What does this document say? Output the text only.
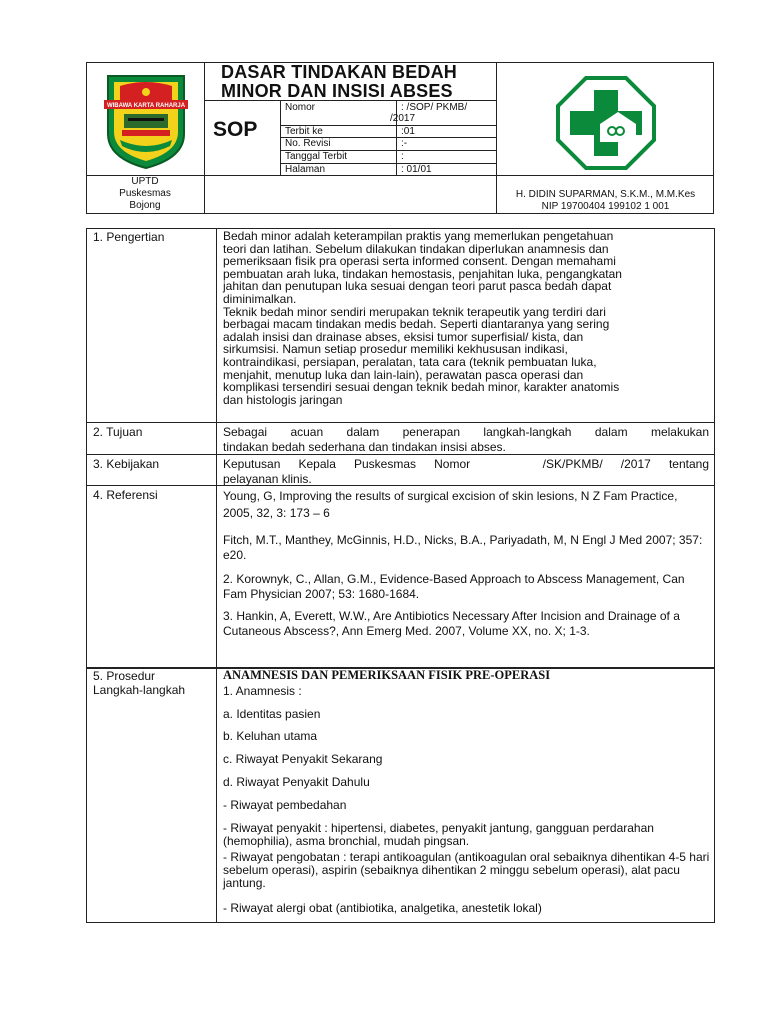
WIBAWA KARTA RAHARJA
DASAR TINDAKAN BEDAH
MINOR DAN INSISI ABSES
SOP
Nomor	: /SOP/ PKMB/
/2017
Terbit ke	:01
No. Revisi	:-
Tanggal Terbit	:
Halaman	: 01/01
UPTD
Puskesmas
Bojong
H. DIDIN SUPARMAN, S.K.M., M.M.Kes
NIP 19700404 199102 1 001
1. Pengertian	Bedah minor adalah keterampilan praktis yang memerlukan pengetahuan
teori dan latihan. Sebelum dilakukan tindakan diperlukan anamnesis dan
pemeriksaan fisik pra operasi serta informed consent. Dengan memahami
pembuatan arah luka, tindakan hemostasis, penjahitan luka, pengangkatan
jahitan dan penutupan luka sesuai dengan teori parut pasca bedah dapat
diminimalkan.
Teknik bedah minor sendiri merupakan teknik terapeutik yang terdiri dari
berbagai macam tindakan medis bedah. Seperti diantaranya yang sering
adalah insisi dan drainase abses, eksisi tumor superfisial/ kista, dan
sirkumsisi. Namun setiap prosedur memiliki kekhususan indikasi,
kontraindikasi, persiapan, peralatan, tata cara (teknik pembuatan luka,
menjahit, menutup luka dan lain-lain), perawatan pasca operasi dan
komplikasi tersendiri sesuai dengan teknik bedah minor, karakter anatomis
dan histologis jaringan
2. Tujuan	Sebagai acuan dalam penerapan langkah-langkah dalam melakukan
tindakan bedah sederhana dan tindakan insisi abses.
3. Kebijakan	Keputusan Kepala Puskesmas Nomor    /SK/PKMB/ /2017 tentang
pelayanan klinis.
4. Referensi	Young, G, Improving the results of surgical excision of skin lesions, N Z Fam Practice, 2005, 32, 3: 173 – 6
Fitch, M.T., Manthey, McGinnis, H.D., Nicks, B.A., Pariyadath, M, N Engl J Med 2007; 357: e20.
2. Korownyk, C., Allan, G.M., Evidence-Based Approach to Abscess Management, Can Fam Physician 2007; 53: 1680-1684.
3. Hankin, A, Everett, W.W., Are Antibiotics Necessary After Incision and Drainage of a Cutaneous Abscess?, Ann Emerg Med. 2007, Volume XX, no. X; 1-3.
5. Prosedur
Langkah-langkah
ANAMNESIS DAN PEMERIKSAAN FISIK PRE-OPERASI
1. Anamnesis :
a. Identitas pasien
b. Keluhan utama
c. Riwayat Penyakit Sekarang
d. Riwayat Penyakit Dahulu
- Riwayat pembedahan
- Riwayat penyakit : hipertensi, diabetes, penyakit jantung, gangguan perdarahan (hemophilia), asma bronchial, mudah pingsan.
- Riwayat pengobatan : terapi antikoagulan (antikoagulan oral sebaiknya dihentikan 4-5 hari sebelum operasi), aspirin (sebaiknya dihentikan 2 minggu sebelum operasi), alat pacu jantung.
- Riwayat alergi obat (antibiotika, analgetika, anestetik lokal)
